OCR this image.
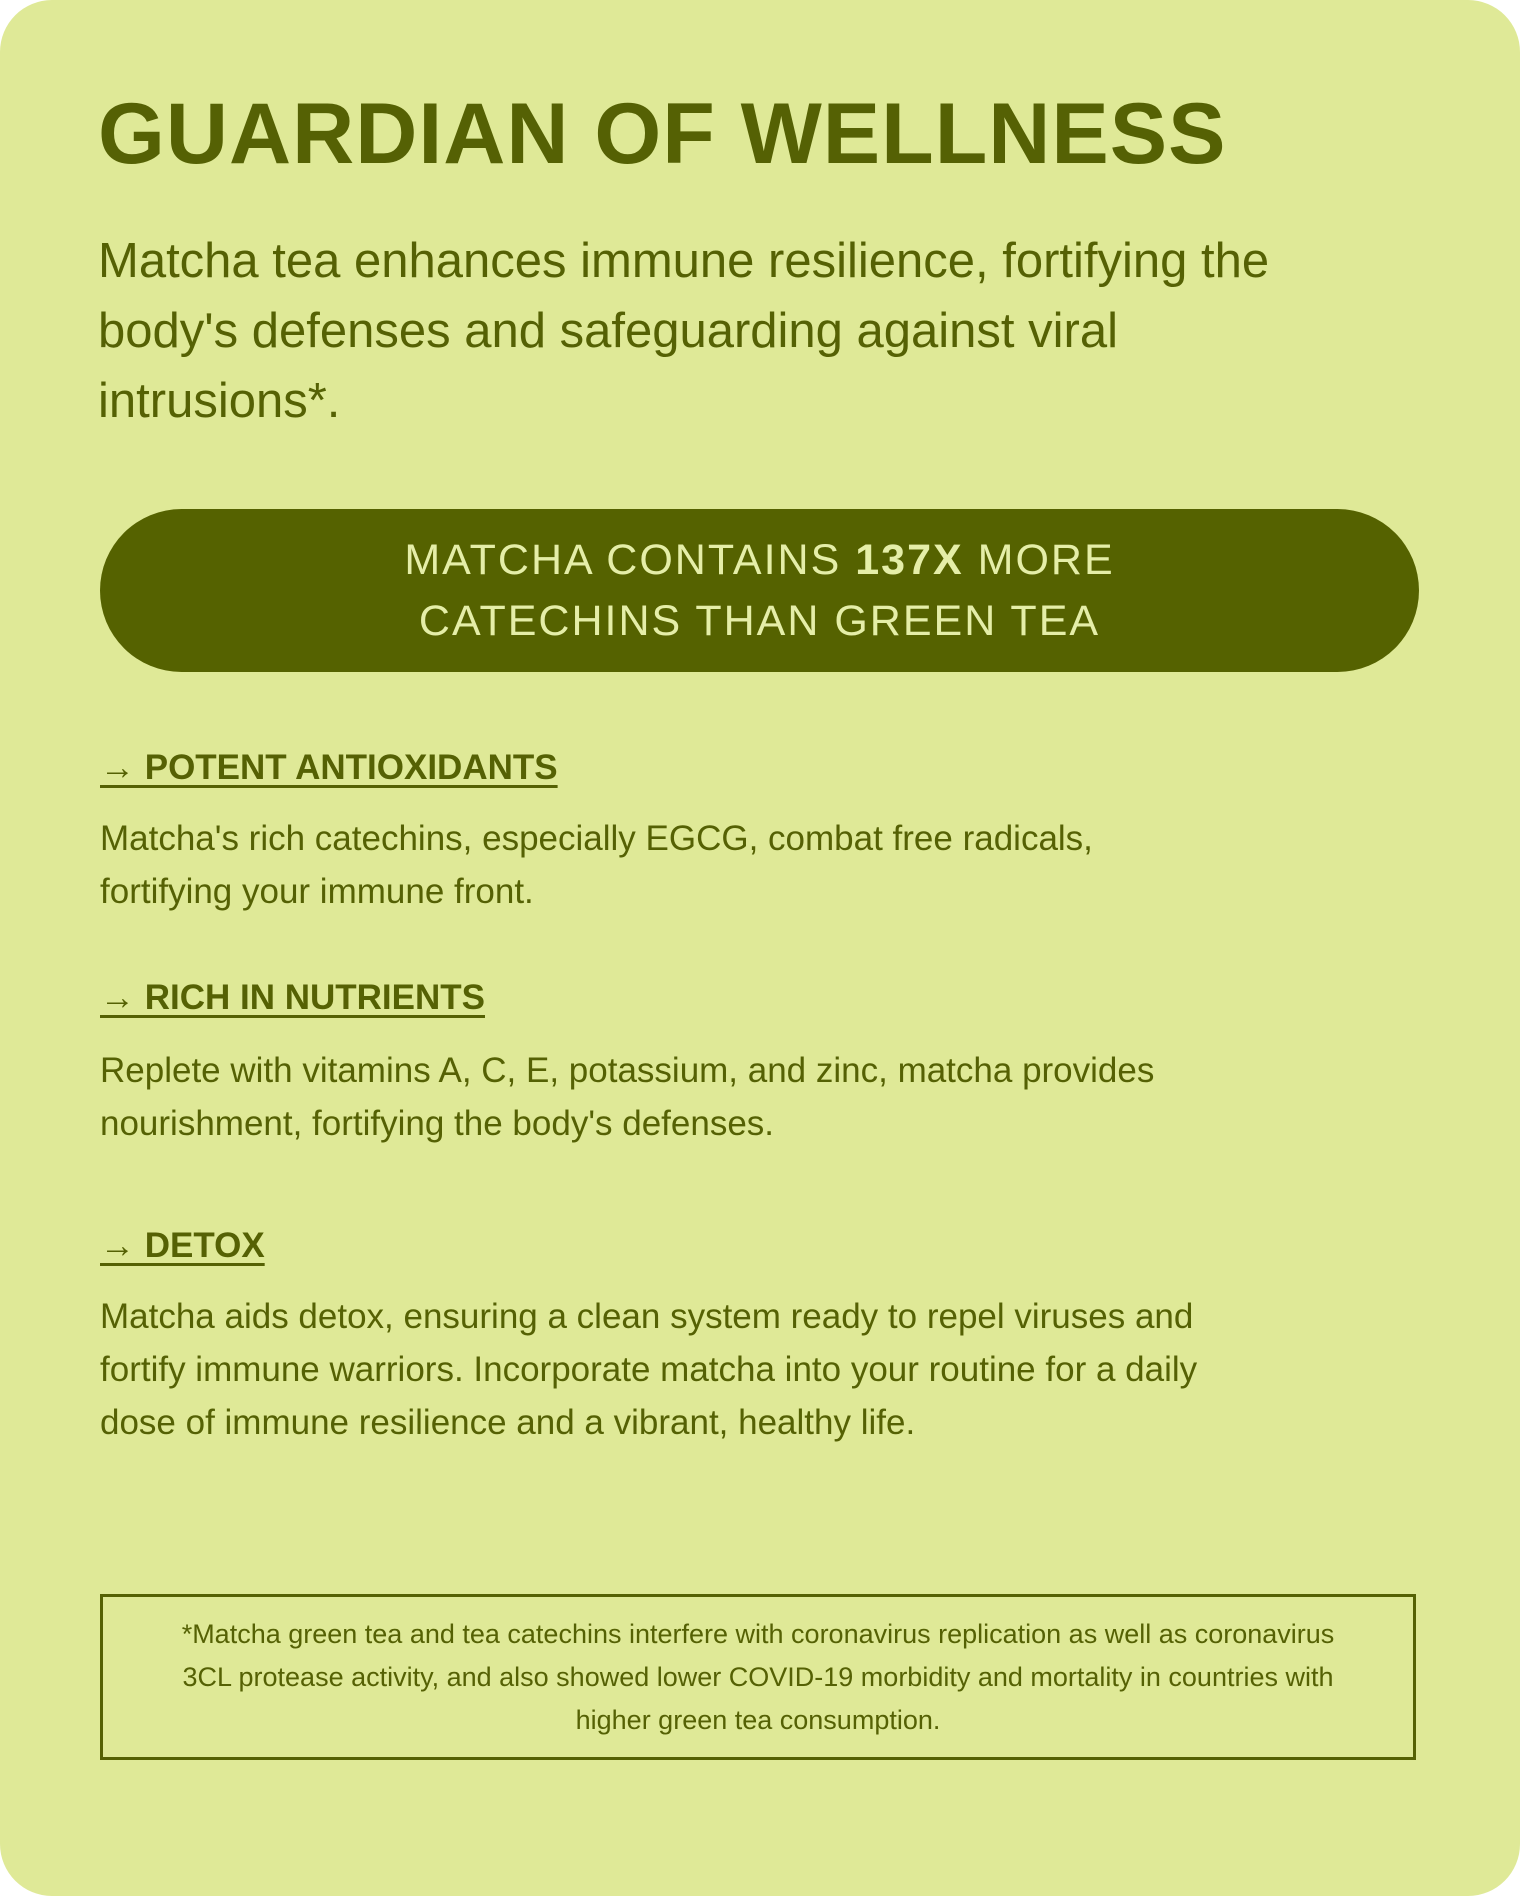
GUARDIAN OF WELLNESS

Matcha tea enhances immune resilience, fortifying the body's defenses and safeguarding against viral intrusions*.

MATCHA CONTAINS 137X MORE
CATECHINS THAN GREEN TEA
→ POTENT ANTIOXIDANTS

Matcha's rich catechins, especially EGCG, combat free radicals, fortifying your immune front.

→ RICH IN NUTRIENTS

Replete with vitamins A, C, E, potassium, and zinc, matcha provides nourishment, fortifying the body's defenses.

→ DETOX

Matcha aids detox, ensuring a clean system ready to repel viruses and fortify immune warriors. Incorporate matcha into your routine for a daily dose of immune resilience and a vibrant, healthy life.

*Matcha green tea and tea catechins interfere with coronavirus replication as well as coronavirus 3CL protease activity, and also showed lower COVID-19 morbidity and mortality in countries with higher green tea consumption.
